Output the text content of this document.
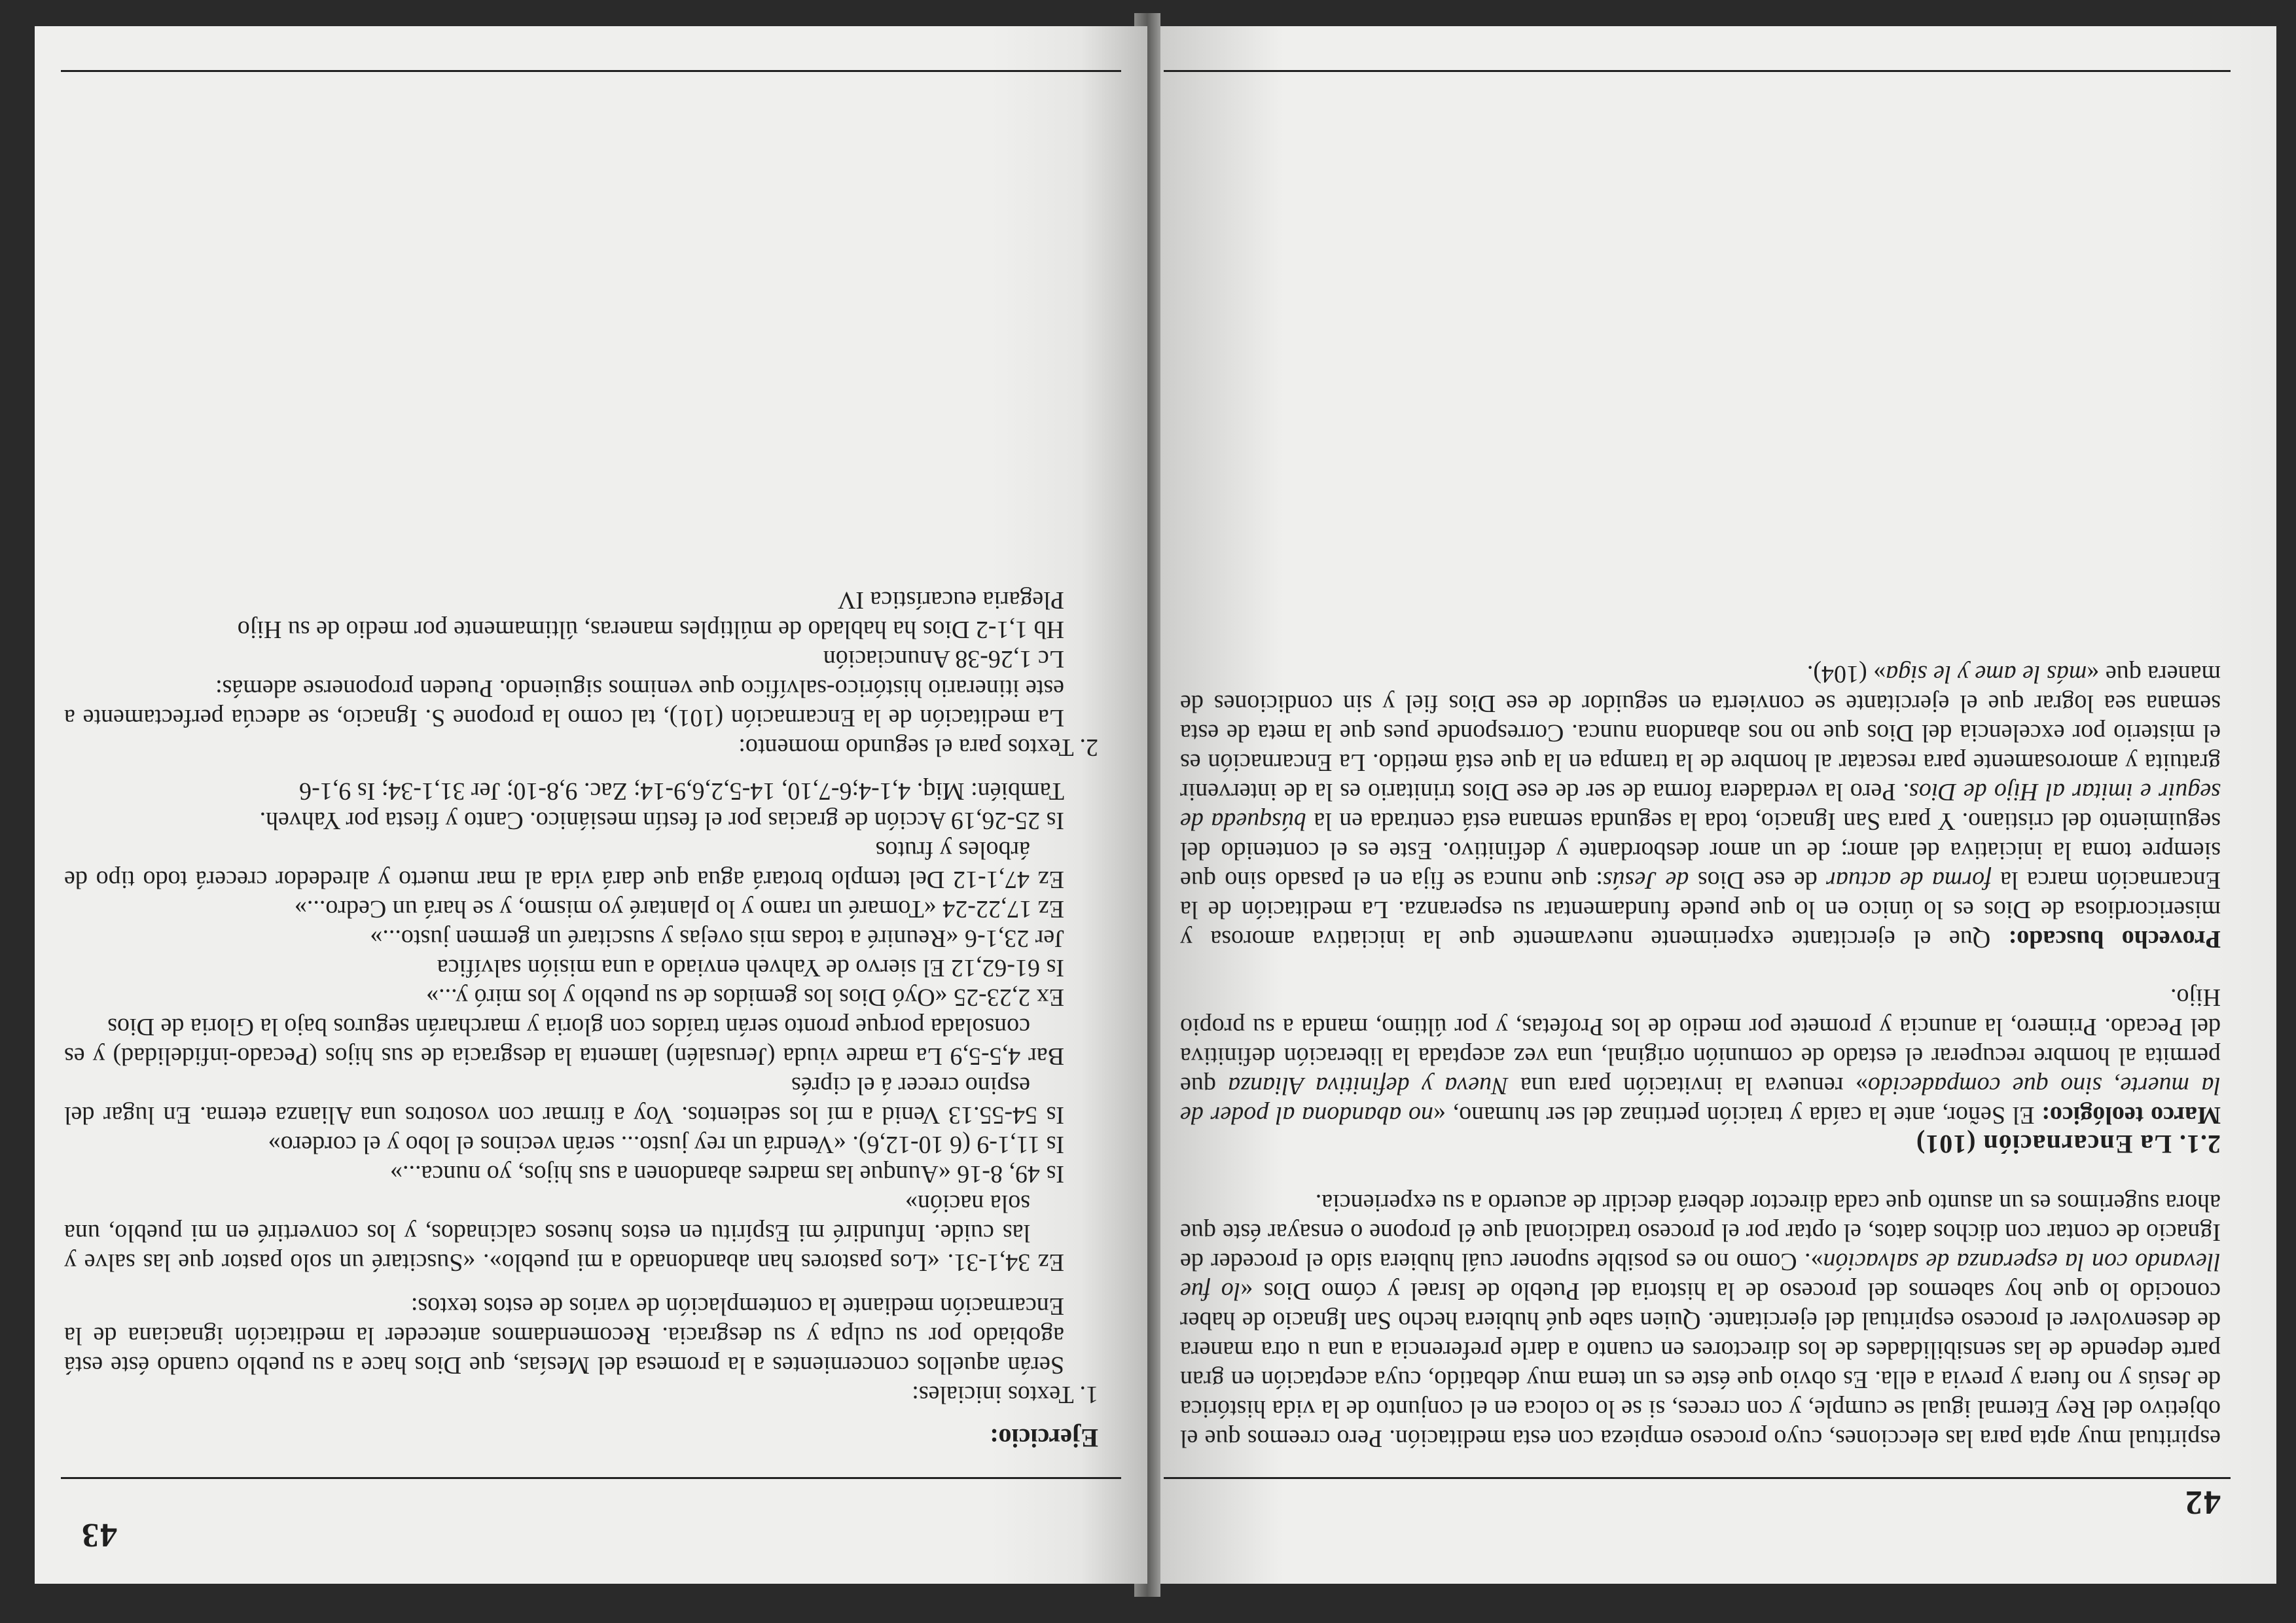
42

espiritual muy apta para las elecciones, cuyo proceso empieza con esta meditación. Pero creemos que el objetivo del Rey Eternal igual se cumple, y con creces, si se lo coloca en el conjunto de la vida histórica de Jesús y no fuera y previa a ella. Es obvio que éste es un tema muy debatido, cuya aceptación en gran parte depende de las sensibilidades de los directores en cuanto a darle preferencia a una u otra manera de desenvolver el proceso espiritual del ejercitante. Quien sabe qué hubiera hecho San Ignacio de haber conocido lo que hoy sabemos del proceso de la historia del Pueblo de Israel y cómo Dios «lo fue llevando con la esperanza de salvación». Como no es posible suponer cuál hubiera sido el proceder de Ignacio de contar con dichos datos, el optar por el proceso tradicional que él propone o ensayar éste que ahora sugerimos es un asunto que cada director deberá decidir de acuerdo a su experiencia.

2.1. La Encarnación (101)

Marco teológico: El Señor, ante la caída y traición pertinaz del ser humano, «no abandona al poder de la muerte, sino que compadecido» renueva la invitación para una Nueva y definitiva Alianza que permita al hombre recuperar el estado de comunión original, una vez aceptada la liberación definitiva del Pecado. Primero, la anuncia y promete por medio de los Profetas, y por último, manda a su propio Hijo.

Provecho buscado: Que el ejercitante experimente nuevamente que la iniciativa amorosa y misericordiosa de Dios es lo único en lo que puede fundamentar su esperanza. La meditación de la Encarnación marca la forma de actuar de ese Dios de Jesús: que nunca se fija en el pasado sino que siempre toma la iniciativa del amor; de un amor desbordante y definitivo. Este es el contenido del seguimiento del cristiano. Y para San Ignacio, toda la segunda semana está centrada en la búsqueda de seguir e imitar al Hijo de Dios. Pero la verdadera forma de ser de ese Dios trinitario es la de intervenir gratuita y amorosamente para rescatar al hombre de la trampa en la que está metido. La Encarnación es el misterio por excelencia del Dios que no nos abandona nunca. Corresponde pues que la meta de esta semana sea lograr que el ejercitante se convierta en seguidor de ese Dios fiel y sin condiciones de manera que «más le ame y le siga» (104).

43

Ejercicio:

1. Textos iniciales:

Serán aquellos concernientes a la promesa del Mesías, que Dios hace a su pueblo cuando éste está agobiado por su culpa y su desgracia. Recomendamos anteceder la meditación ignaciana de la Encarnación mediante la contemplación de varios de estos textos:

Ez 34,1-31. «Los pastores han abandonado a mi pueblo». «Suscitaré un solo pastor que las salve y las cuide. Infundiré mi Espíritu en estos huesos calcinados, y los convertiré en mi pueblo, una sola nación»
Is 49, 8-16 «Aunque las madres abandonen a sus hijos, yo nunca...»
Is 11,1-9 (6 10-12,6). «Vendrá un rey justo... serán vecinos el lobo y el cordero»
Is 54-55.13 Venid a mí los sedientos. Voy a firmar con vosotros una Alianza eterna. En lugar del espino crecer á el ciprés
Bar 4,5-5,9 La madre viuda (Jerusalén) lamenta la desgracia de sus hijos (Pecado-infidelidad) y es consolada porque pronto serán traídos con gloria y marcharán seguros bajo la Gloria de Dios
Ex 2,23-25 «Oyó Dios los gemidos de su pueblo y los miró y...»
Is 61-62,12 El siervo de Yahveh enviado a una misión salvífica
Jer 23,1-6 «Reuniré a todas mis ovejas y suscitaré un germen justo...»
Ez 17,22-24 «Tomaré un ramo y lo plantaré yo mismo, y se hará un Cedro...»
Ez 47,1-12 Del templo brotará agua que dará vida al mar muerto y alrededor crecerá todo tipo de árboles y frutos
Is 25-26,19 Acción de gracias por el festín mesiánico. Canto y fiesta por Yahveh.

También: Miq. 4,1-4;6-7,10, 14-5,2,6,9-14; Zac. 9,8-10; Jer 31,1-34; Is 9,1-6

2. Textos para el segundo momento:

La meditación de la Encarnación (101), tal como la propone S. Ignacio, se adecúa perfectamente a este itinerario histórico-salvífico que venimos siguiendo. Pueden proponerse además:

Lc 1,26-38 Anunciación
Hb 1,1-2 Dios ha hablado de múltiples maneras, últimamente por medio de su Hijo
Plegaria eucarística IV
